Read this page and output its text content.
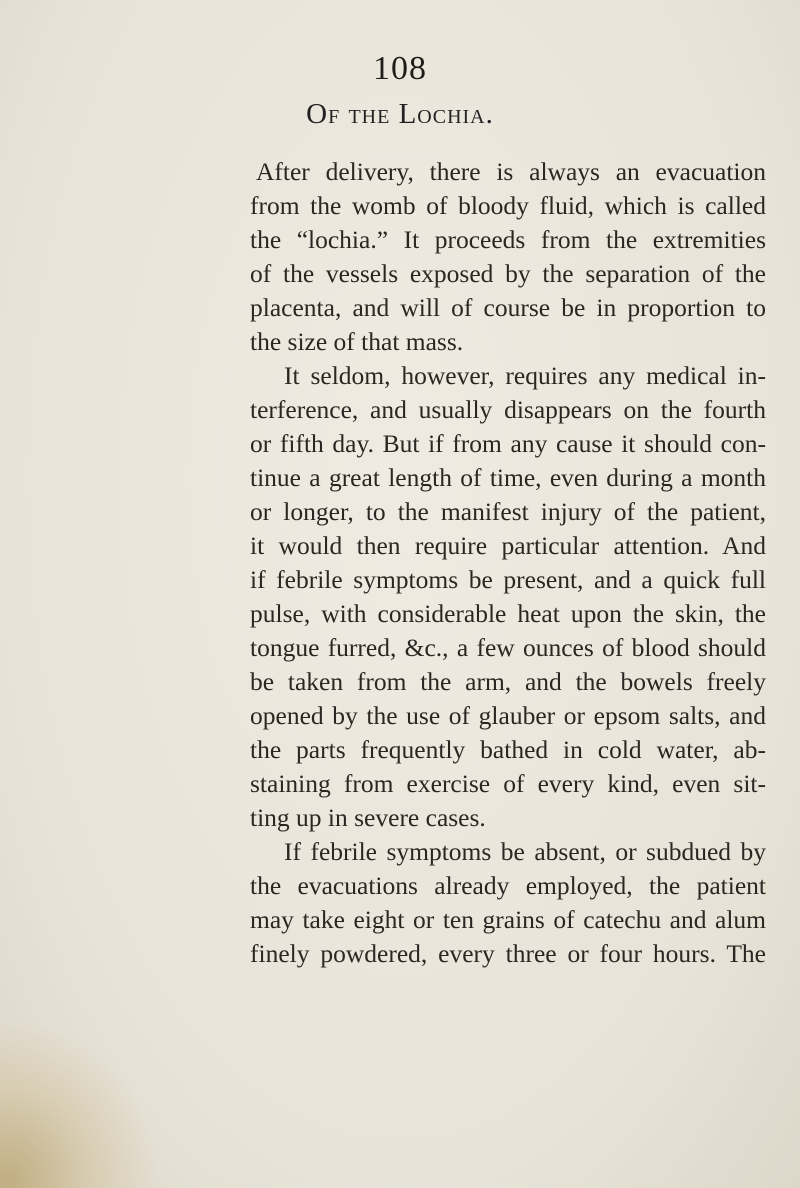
108
Of the Lochia.
After delivery, there is always an evacuation
from the womb of bloody fluid, which is called
the “lochia.” It proceeds from the extremities
of the vessels exposed by the separation of the
placenta, and will of course be in proportion to
the size of that mass.
It seldom, however, requires any medical in-
terference, and usually disappears on the fourth
or fifth day. But if from any cause it should con-
tinue a great length of time, even during a month
or longer, to the manifest injury of the patient,
it would then require particular attention. And
if febrile symptoms be present, and a quick full
pulse, with considerable heat upon the skin, the
tongue furred, &c., a few ounces of blood should
be taken from the arm, and the bowels freely
opened by the use of glauber or epsom salts, and
the parts frequently bathed in cold water, ab-
staining from exercise of every kind, even sit-
ting up in severe cases.
If febrile symptoms be absent, or subdued by
the evacuations already employed, the patient
may take eight or ten grains of catechu and alum
finely powdered, every three or four hours. The
